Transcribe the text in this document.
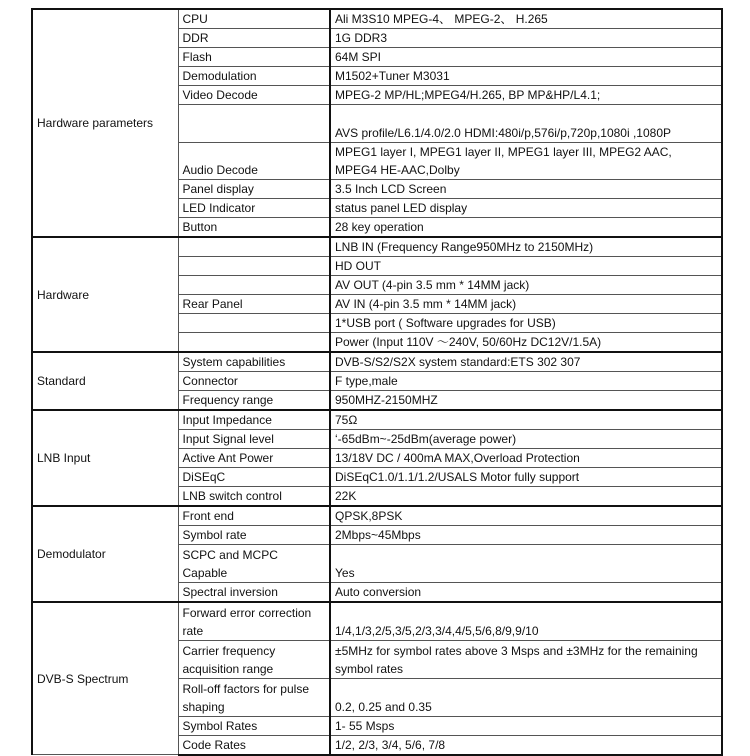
Hardware parameters	CPU	Ali M3S10 MPEG-4、 MPEG-2、 H.265
	DDR	1G DDR3
	Flash	64M SPI
	Demodulation	M1502+Tuner M3031
	Video Decode	MPEG-2 MP/HL;MPEG4/H.265, BP MP&HP/L4.1;
		AVS profile/L6.1/4.0/2.0 HDMI:480i/p,576i/p,720p,1080i ,1080P
	Audio Decode	MPEG1 layer I, MPEG1 layer II, MPEG1 layer III, MPEG2 AAC, MPEG4 HE-AAC,Dolby
	Panel display	3.5 Inch LCD Screen
	LED Indicator	status panel LED display
	Button	28 key operation
Hardware		LNB IN (Frequency Range950MHz to 2150MHz)
		HD OUT
		AV OUT (4-pin 3.5 mm * 14MM jack)
	Rear Panel	AV IN (4-pin 3.5 mm * 14MM jack)
		1*USB port ( Software upgrades for USB)
		Power (Input 110V ～240V, 50/60Hz DC12V/1.5A)
Standard	System capabilities	DVB-S/S2/S2X system standard:ETS 302 307
	Connector	F type,male
	Frequency range	950MHZ-2150MHZ
LNB Input	Input Impedance	75Ω
	Input Signal level	‘-65dBm~-25dBm(average power)
	Active Ant Power	13/18V DC / 400mA MAX,Overload Protection
	DiSEqC	DiSEqC1.0/1.1/1.2/USALS Motor fully support
	LNB switch control	22K
Demodulator	Front end	QPSK,8PSK
	Symbol rate	2Mbps~45Mbps
	SCPC and MCPC Capable	Yes
	Spectral inversion	Auto conversion
DVB-S Spectrum	Forward error correction rate	1/4,1/3,2/5,3/5,2/3,3/4,4/5,5/6,8/9,9/10
	Carrier frequency acquisition range	±5MHz for symbol rates above 3 Msps and ±3MHz for the remaining symbol rates
	Roll-off factors for pulse shaping	0.2, 0.25 and 0.35
	Symbol Rates	1- 55 Msps
	Code Rates	1/2, 2/3, 3/4, 5/6, 7/8
